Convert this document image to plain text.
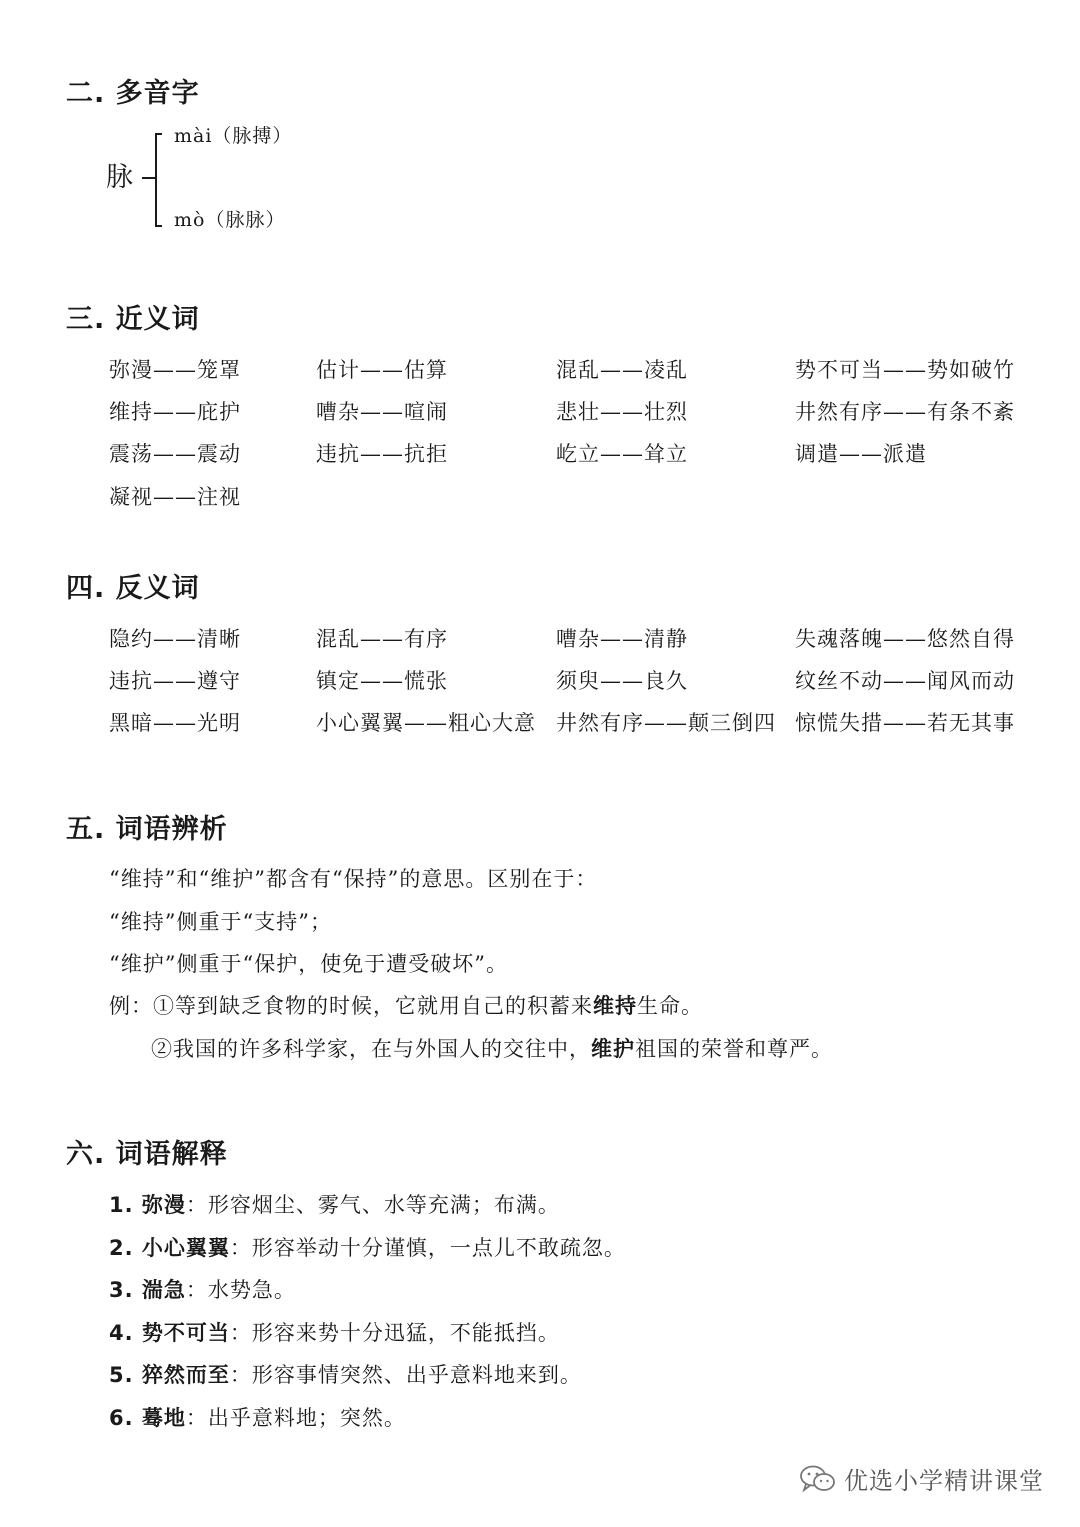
二. 多音字
脉
mài（脉搏）
mò（脉脉）
三. 近义词
弥漫——笼罩	估计——估算	混乱——凌乱	势不可当——势如破竹
维持——庇护	嘈杂——喧闹	悲壮——壮烈	井然有序——有条不紊
震荡——震动	违抗——抗拒	屹立——耸立	调遣——派遣
凝视——注视
四. 反义词
隐约——清晰	混乱——有序	嘈杂——清静	失魂落魄——悠然自得
违抗——遵守	镇定——慌张	须臾——良久	纹丝不动——闻风而动
黑暗——光明	小心翼翼——粗心大意 井然有序——颠三倒四 惊慌失措——若无其事
五. 词语辨析
“维持”和“维护”都含有“保持”的意思。区别在于：
“维持”侧重于“支持”；
“维护”侧重于“保护，使免于遭受破坏”。
例：①等到缺乏食物的时候，它就用自己的积蓄来维持生命。
②我国的许多科学家，在与外国人的交往中，维护祖国的荣誉和尊严。
六. 词语解释
1. 弥漫：形容烟尘、雾气、水等充满；布满。
2. 小心翼翼：形容举动十分谨慎，一点儿不敢疏忽。
3. 湍急：水势急。
4. 势不可当：形容来势十分迅猛，不能抵挡。
5. 猝然而至：形容事情突然、出乎意料地来到。
6. 蓦地：出乎意料地；突然。
优选小学精讲课堂
